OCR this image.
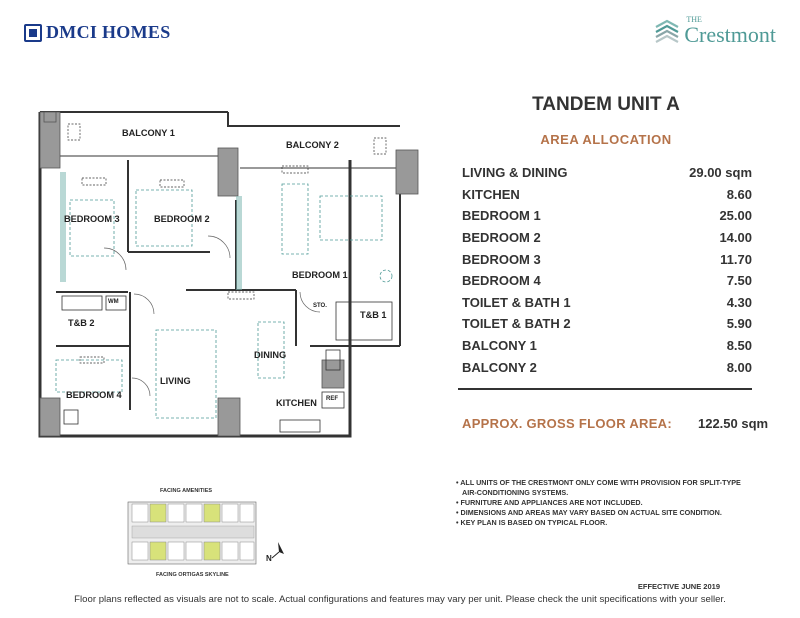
DMCI HOMES
THE
Crestmont
BALCONY 1
BALCONY 2
BEDROOM 3	BEDROOM 2
BEDROOM 1
T&B 2
T&B 1
DINING
LIVING
KITCHEN
BEDROOM 4
STO.
WM
REF
TANDEM UNIT A
AREA ALLOCATION
LIVING & DINING	29.00 sqm
KITCHEN	8.60
BEDROOM 1	25.00
BEDROOM 2	14.00
BEDROOM 3	11.70
BEDROOM 4	7.50
TOILET & BATH 1	4.30
TOILET & BATH 2	5.90
BALCONY 1	8.50
BALCONY 2	8.00
APPROX. GROSS FLOOR AREA: 122.50 sqm
• ALL UNITS OF THE CRESTMONT ONLY COME WITH PROVISION FOR SPLIT-TYPE
AIR-CONDITIONING SYSTEMS.
• FURNITURE AND APPLIANCES ARE NOT INCLUDED.
• DIMENSIONS AND AREAS MAY VARY BASED ON ACTUAL SITE CONDITION.
• KEY PLAN IS BASED ON TYPICAL FLOOR.
FACING AMENITIES
FACING ORTIGAS SKYLINE
N
EFFECTIVE JUNE 2019
Floor plans reflected as visuals are not to scale. Actual configurations and features may vary per unit. Please check the unit specifications with your seller.
